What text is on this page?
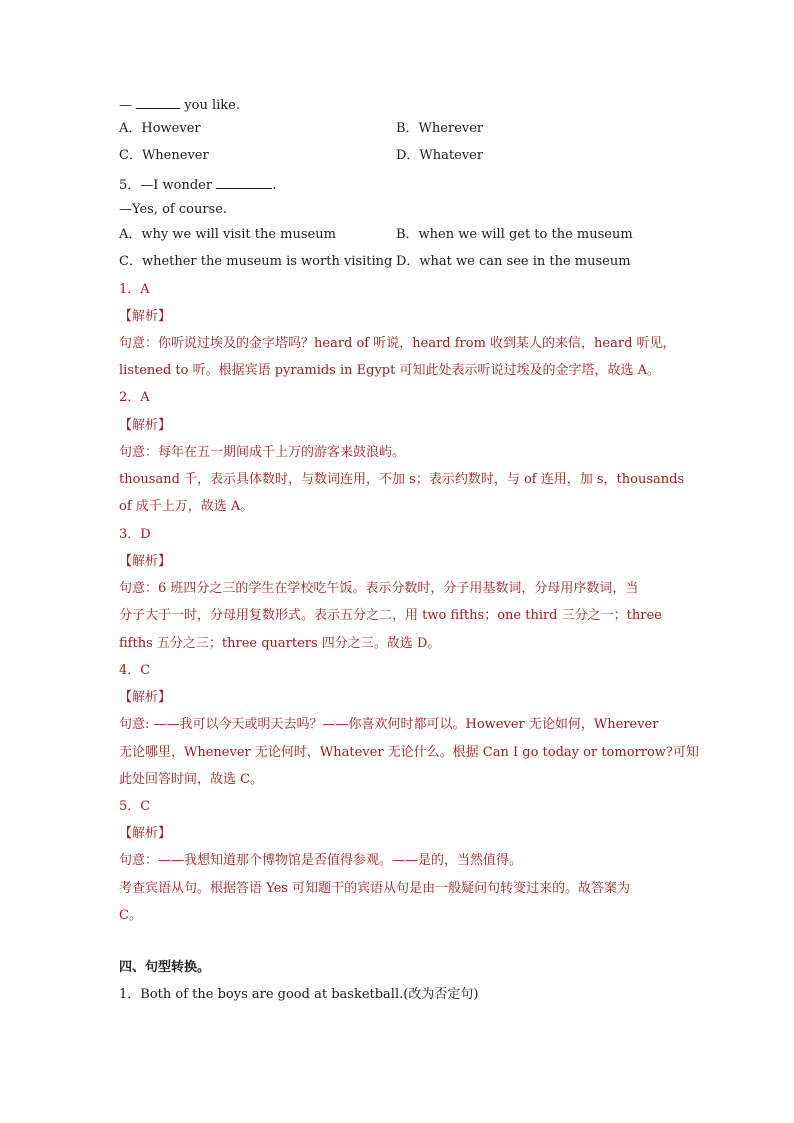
—	you like.
A．However	B．Wherever
C．Whenever	D．Whatever
5．—I wonder	.
—Yes, of course.
A．why we will visit the museum	B．when we will get to the museum
C．whether the museum is worth visiting D．what we can see in the museum
1．A
【解析】
句意：你听说过埃及的金字塔吗？heard of 听说，heard from 收到某人的来信，heard 听见，
listened to 听。根据宾语 pyramids in Egypt 可知此处表示听说过埃及的金字塔，故选 A。
2．A
【解析】
句意：每年在五一期间成千上万的游客来鼓浪屿。
thousand 千，表示具体数时，与数词连用，不加 s；表示约数时，与 of 连用，加 s，thousands
of 成千上万，故选 A。
3．D
【解析】
句意：6 班四分之三的学生在学校吃午饭。表示分数时，分子用基数词，分母用序数词，当
分子大于一时，分母用复数形式。表示五分之二，用 two fifths；one third 三分之一；three
fifths 五分之三；three quarters 四分之三。故选 D。
4．C
【解析】
句意: ——我可以今天或明天去吗？——你喜欢何时都可以。However 无论如何，Wherever
无论哪里，Whenever 无论何时，Whatever 无论什么。根据 Can I go today or tomorrow?可知
此处回答时间，故选 C。
5．C
【解析】
句意：——我想知道那个博物馆是否值得参观。——是的，当然值得。
考查宾语从句。根据答语 Yes 可知题干的宾语从句是由一般疑问句转变过来的。故答案为
C。
四、句型转换。
1．Both of the boys are good at basketball.(改为否定句)
